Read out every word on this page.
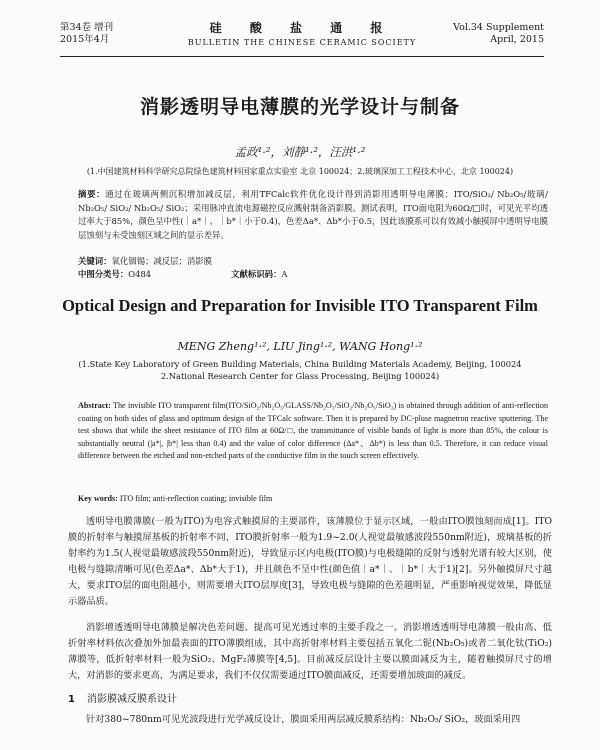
第34卷 增刊
2015年4月
硅 酸 盐 通 报
BULLETIN THE CHINESE CERAMIC SOCIETY
Vol.34 Supplement
April, 2015
消影透明导电薄膜的光学设计与制备
孟政¹·²，刘静¹·²，汪洪¹·²
(1.中国建筑材料科学研究总院绿色建筑材料国家重点实验室 北京 100024；2.玻璃深加工工程技术中心，北京 100024)
摘要：通过在玻璃两侧沉积增加减反层，利用TFCalc软件优化设计得到消影用透明导电薄膜：ITO/SiO₂/ Nb₂O₅/玻璃/ Nb₂O₅/ SiO₂/ Nb₂O₅/ SiO₂；采用脉冲直流电源磁控反应溅射制备消影膜。测试表明，ITO面电阻为60Ω/□时，可见光平均透过率大于85%，颜色呈中性(｜a*｜、｜b*｜小于0.4)，色差Δa*、Δb*小于0.5，因此该膜系可以有效减小触摸屏中透明导电膜层蚀刻与未受蚀刻区域之间的显示差异。
关键词：氧化铟锡；减反层；消影膜
中图分类号：O484	文献标识码：A
Optical Design and Preparation for Invisible ITO Transparent Film
MENG Zheng¹·², LIU Jing¹·², WANG Hong¹·²
(1.State Key Laboratory of Green Building Materials, China Building Materials Academy, Beijing, 100024
2.National Research Center for Glass Processing, Beijing 100024)
Abstract: The invisible ITO transparent film(ITO/SiO₂/Nb₂O₅/GLASS/Nb₂O₅/SiO₂/Nb₂O₅/SiO₂) is obtained through addition of anti-reflection coating on both sides of glass and optimum design of the TFCalc software. Then it is prepared by DC-pluse magnetron reactive sputtering. The test shows that while the sheet resistance of ITO film at 60Ω/□, the transmittance of visible bands of light is more than 85%, the colour is substantially neutral (|a*|, |b*| less than 0.4) and the value of color difference (Δa*、Δb*) is less than 0.5. Therefore, it can reduce visual difference between the etched and non-etched parts of the conductive film in the touch screen effectively.
Key words: ITO film; anti-reflection coating; invisible film
透明导电膜薄膜(一般为ITO)为电容式触摸屏的主要部件，该薄膜位于显示区域，一般由ITO膜蚀刻而成[1]。ITO膜的折射率与触摸屏基板的折射率不同，ITO膜折射率一般为1.9~2.0(人视觉最敏感波段550nm附近)，玻璃基板的折射率约为1.5(人视觉最敏感波段550nm附近)，导致显示区内电极(ITO膜)与电极缝隙的反射与透射光谱有较大区别，使电极与缝隙清晰可见(色差Δa*、Δb*大于1)，并且颜色不呈中性(颜色值｜a*｜、｜b*｜大于1)[2]。另外触摸屏尺寸越大，要求ITO层的面电阻越小，则需要增大ITO层厚度[3]，导致电极与缝隙的色差越明显，严重影响视觉效果，降低显示器品质。
消影增透透明导电薄膜是解决色差问题、提高可见光透过率的主要手段之一。消影增透透明导电薄膜一般由高、低折射率材料依次叠加外加最表面的ITO薄膜组成，其中高折射率材料主要包括五氧化二铌(Nb₂O₅)或者二氧化钛(TiO₂)薄膜等，低折射率材料一般为SiO₂、MgF₂薄膜等[4,5]。目前减反层设计主要以膜面减反为主，随着触摸屏尺寸的增大，对消影的要求更高，为满足要求，我们不仅仅需要通过ITO膜面减反，还需要增加玻面的减反。
1 消影膜减反膜系设计
针对380~780nm可见光波段进行光学减反设计，膜面采用两层减反膜系结构：Nb₂O₅/ SiO₂，玻面采用四
